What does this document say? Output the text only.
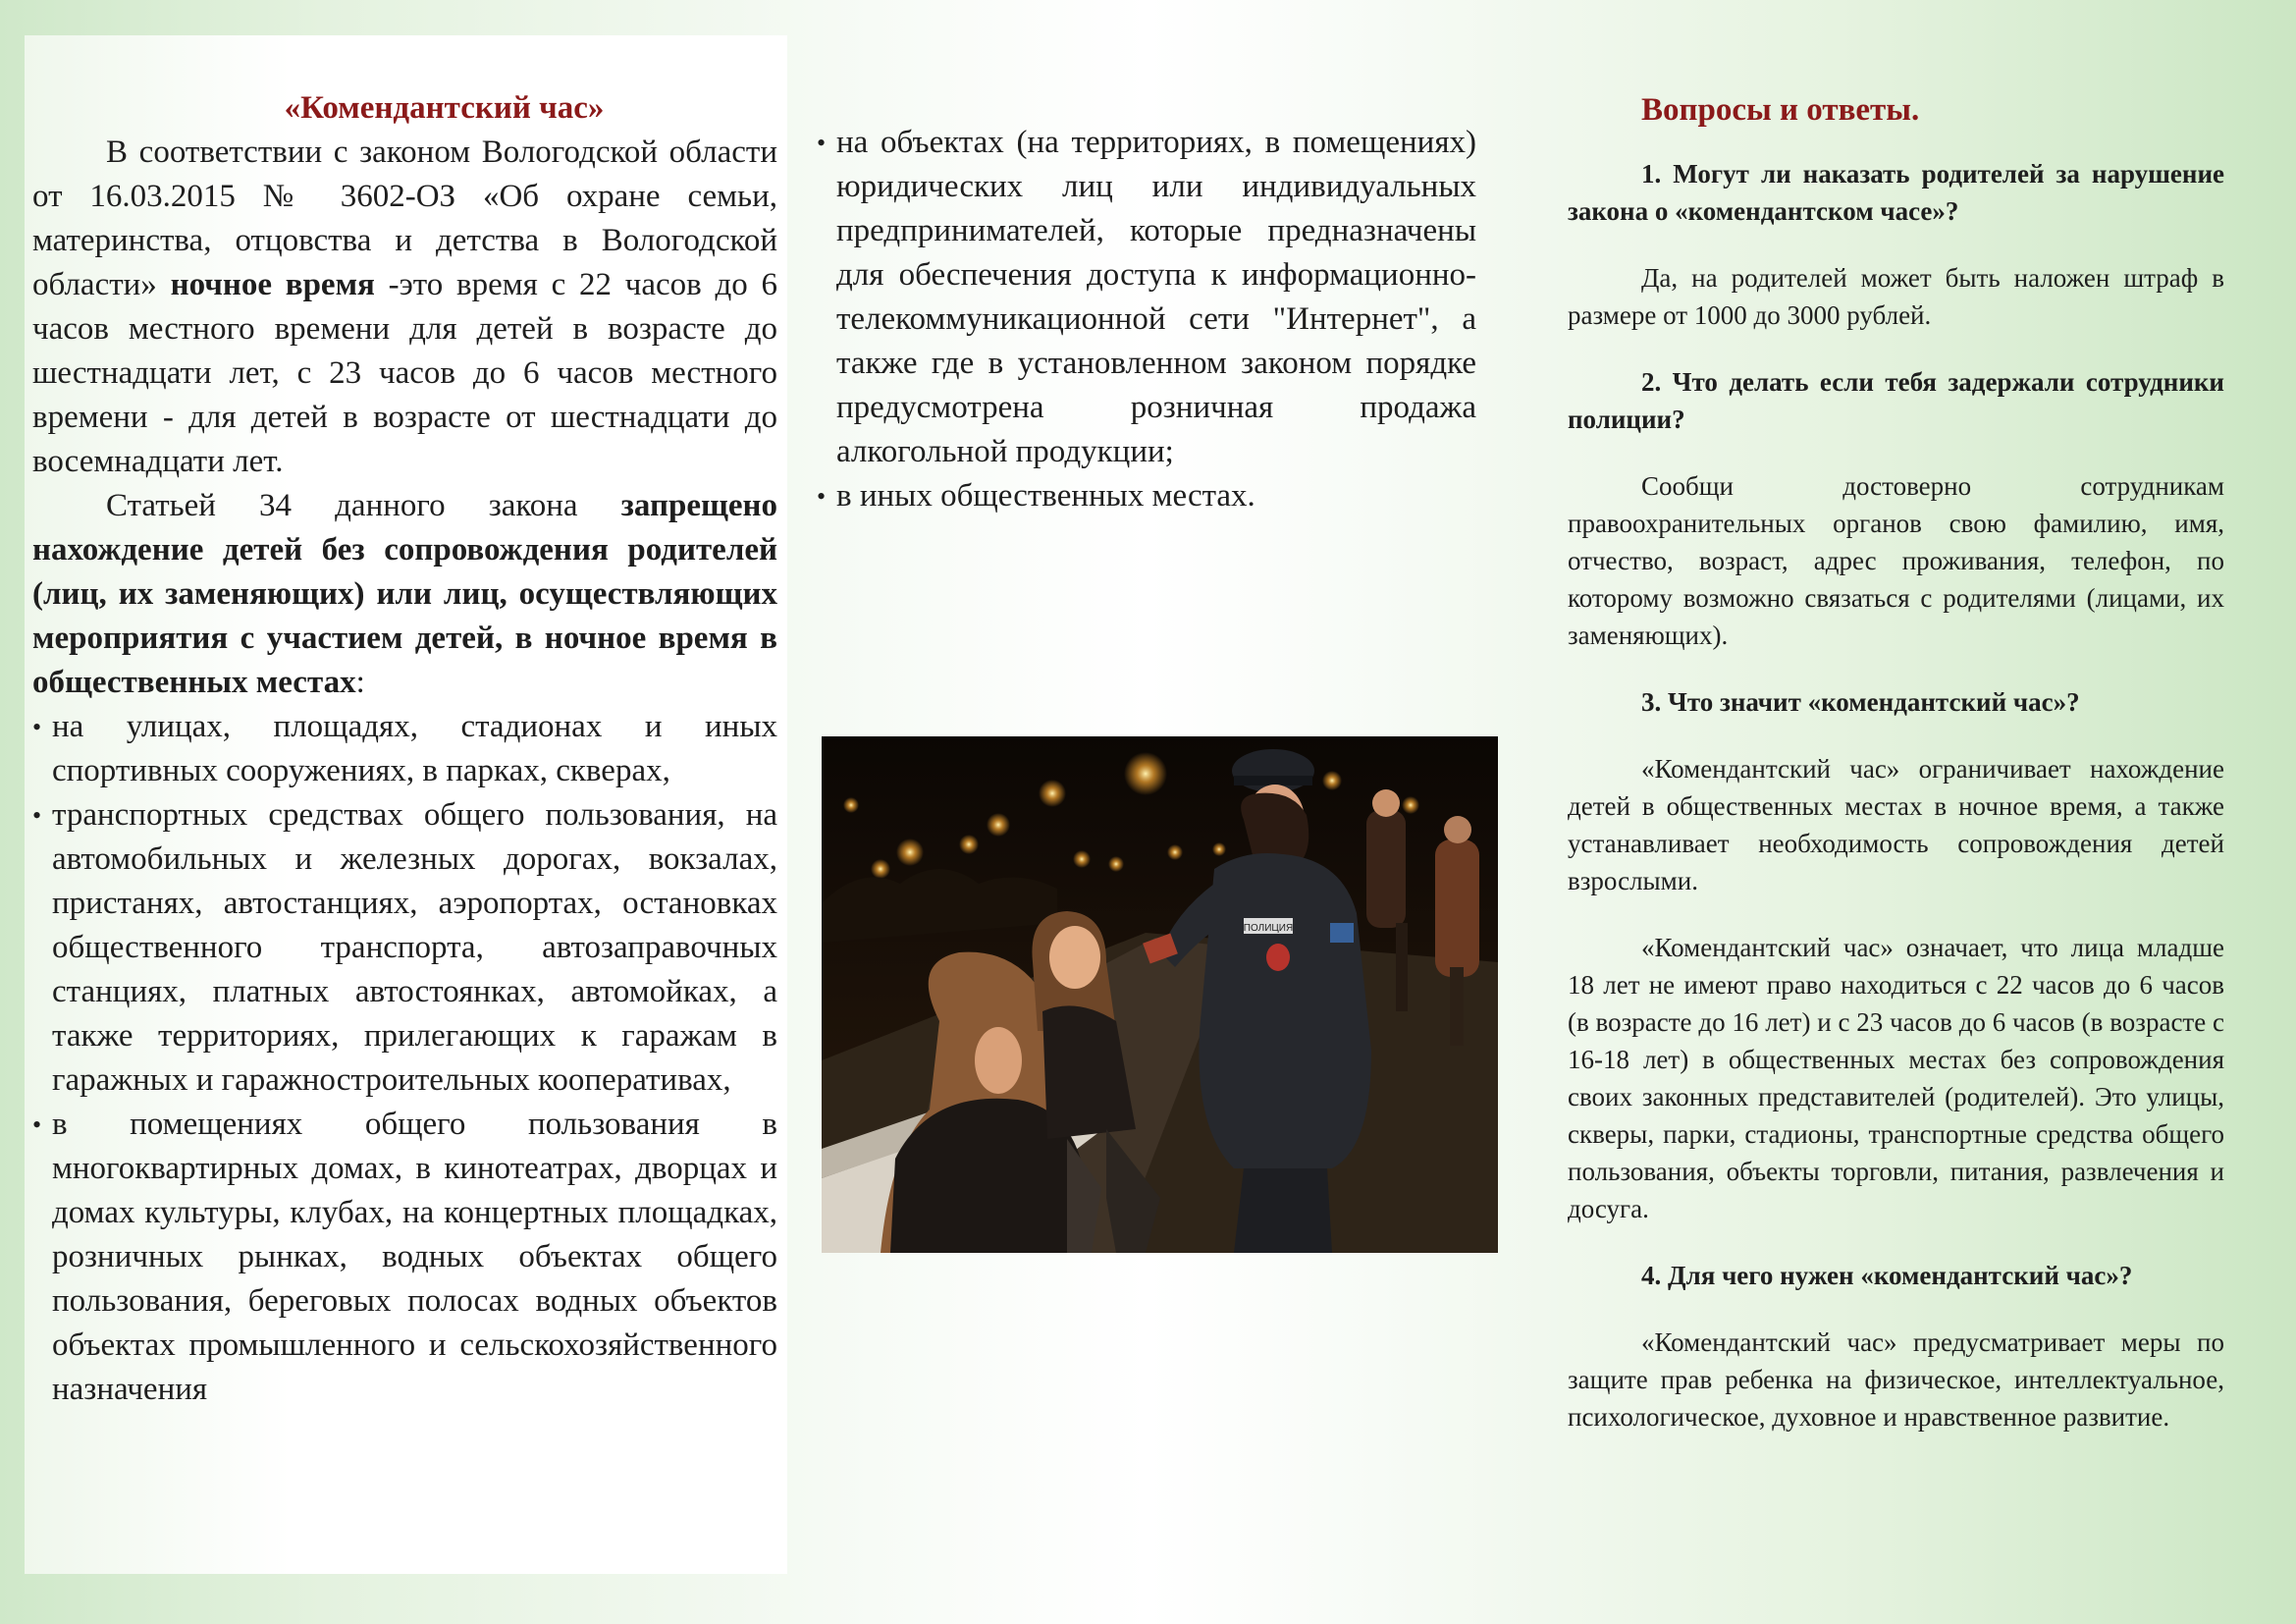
«Комендантский час»

В соответствии с законом Вологодской области от 16.03.2015 № 3602-ОЗ «Об охране семьи, материнства, отцовства и детства в Вологодской области» ночное время -это время с 22 часов до 6 часов местного времени для детей в возрасте до шестнадцати лет, с 23 часов до 6 часов местного времени - для детей в возрасте от шестнадцати до восемнадцати лет.

Статьей 34 данного закона запрещено нахождение детей без сопровождения родителей (лиц, их заменяющих) или лиц, осуществляющих мероприятия с участием детей, в ночное время в общественных местах:

• на улицах, площадях, стадионах и иных спортивных сооружениях, в парках, скверах,

• транспортных средствах общего пользования, на автомобильных и железных дорогах, вокзалах, пристанях, автостанциях, аэропортах, остановках общественного транспорта, автозаправочных станциях, платных автостоянках, автомойках, а также территориях, прилегающих к гаражам в гаражных и гаражностроительных кооперативах,

• в помещениях общего пользования в многоквартирных домах, в кинотеатрах, дворцах и домах культуры, клубах, на концертных площадках, розничных рынках, водных объектах общего пользования, береговых полосах водных объектов объектах промышленного и сельскохозяйственного назначения

• на объектах (на территориях, в помещениях) юридических лиц или индивидуальных предпринимателей, которые предназначены для обеспечения доступа к информационно-телекоммуникационной сети "Интернет", а также где в установленном законом порядке предусмотрена розничная продажа алкогольной продукции;

• в иных общественных местах.

ПОЛИЦИЯ

Вопросы и ответы.

1. Могут ли наказать родителей за нарушение закона о «комендантском часе»?

Да, на родителей может быть наложен штраф в размере от 1000 до 3000 рублей.

2. Что делать если тебя задержали сотрудники полиции?

Сообщи достоверно сотрудникам правоохранительных органов свою фамилию, имя, отчество, возраст, адрес проживания, телефон, по которому возможно связаться с родителями (лицами, их заменяющих).

3. Что значит «комендантский час»?

«Комендантский час» ограничивает нахождение детей в общественных местах в ночное время, а также устанавливает необходимость сопровождения детей взрослыми.

«Комендантский час» означает, что лица младше 18 лет не имеют право находиться с 22 часов до 6 часов (в возрасте до 16 лет) и с 23 часов до 6 часов (в возрасте с 16-18 лет) в общественных местах без сопровождения своих законных представителей (родителей). Это улицы, скверы, парки, стадионы, транспортные средства общего пользования, объекты торговли, питания, развлечения и досуга.

4. Для чего нужен «комендантский час»?

«Комендантский час» предусматривает меры по защите прав ребенка на физическое, интеллектуальное, психологическое, духовное и нравственное развитие.
